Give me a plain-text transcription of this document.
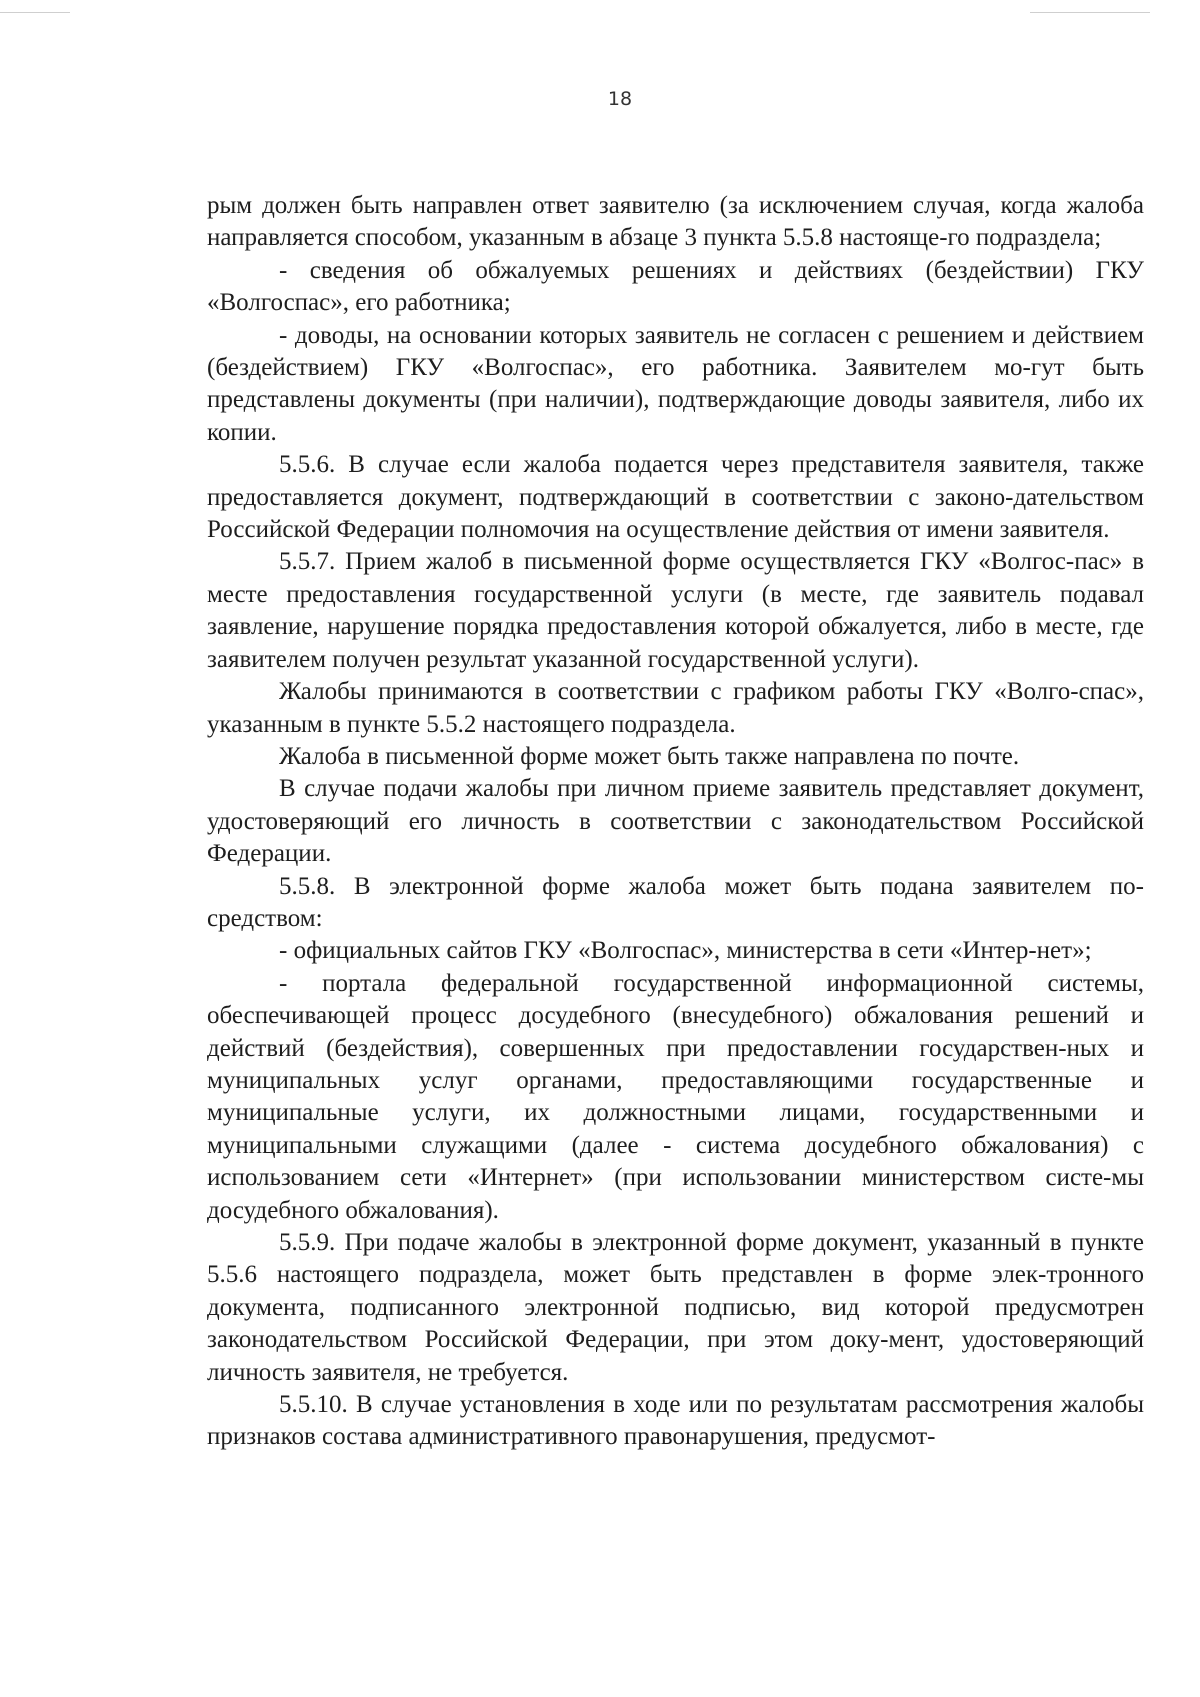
18

рым должен быть направлен ответ заявителю (за исключением случая, когда жалоба направляется способом, указанным в абзаце 3 пункта 5.5.8 настояще-го подраздела;

- сведения об обжалуемых решениях и действиях (бездействии) ГКУ «Волгоспас», его работника;

- доводы, на основании которых заявитель не согласен с решением и действием (бездействием) ГКУ «Волгоспас», его работника. Заявителем мо-гут быть представлены документы (при наличии), подтверждающие доводы заявителя, либо их копии.

5.5.6. В случае если жалоба подается через представителя заявителя, также предоставляется документ, подтверждающий в соответствии с законо-дательством Российской Федерации полномочия на осуществление действия от имени заявителя.

5.5.7. Прием жалоб в письменной форме осуществляется ГКУ «Волгос-пас» в месте предоставления государственной услуги (в месте, где заявитель подавал заявление, нарушение порядка предоставления которой обжалуется, либо в месте, где заявителем получен результат указанной государственной услуги).

Жалобы принимаются в соответствии с графиком работы ГКУ «Волго-спас», указанным в пункте 5.5.2 настоящего подраздела.

Жалоба в письменной форме может быть также направлена по почте.

В случае подачи жалобы при личном приеме заявитель представляет документ, удостоверяющий его личность в соответствии с законодательством Российской Федерации.

5.5.8. В электронной форме жалоба может быть подана заявителем по-средством:

- официальных сайтов ГКУ «Волгоспас», министерства в сети «Интер-нет»;

- портала федеральной государственной информационной системы, обеспечивающей процесс досудебного (внесудебного) обжалования решений и действий (бездействия), совершенных при предоставлении государствен-ных и муниципальных услуг органами, предоставляющими государственные и муниципальные услуги, их должностными лицами, государственными и муниципальными служащими (далее - система досудебного обжалования) с использованием сети «Интернет» (при использовании министерством систе-мы досудебного обжалования).

5.5.9. При подаче жалобы в электронной форме документ, указанный в пункте 5.5.6 настоящего подраздела, может быть представлен в форме элек-тронного документа, подписанного электронной подписью, вид которой предусмотрен законодательством Российской Федерации, при этом доку-мент, удостоверяющий личность заявителя, не требуется.

5.5.10. В случае установления в ходе или по результатам рассмотрения жалобы признаков состава административного правонарушения, предусмот-
